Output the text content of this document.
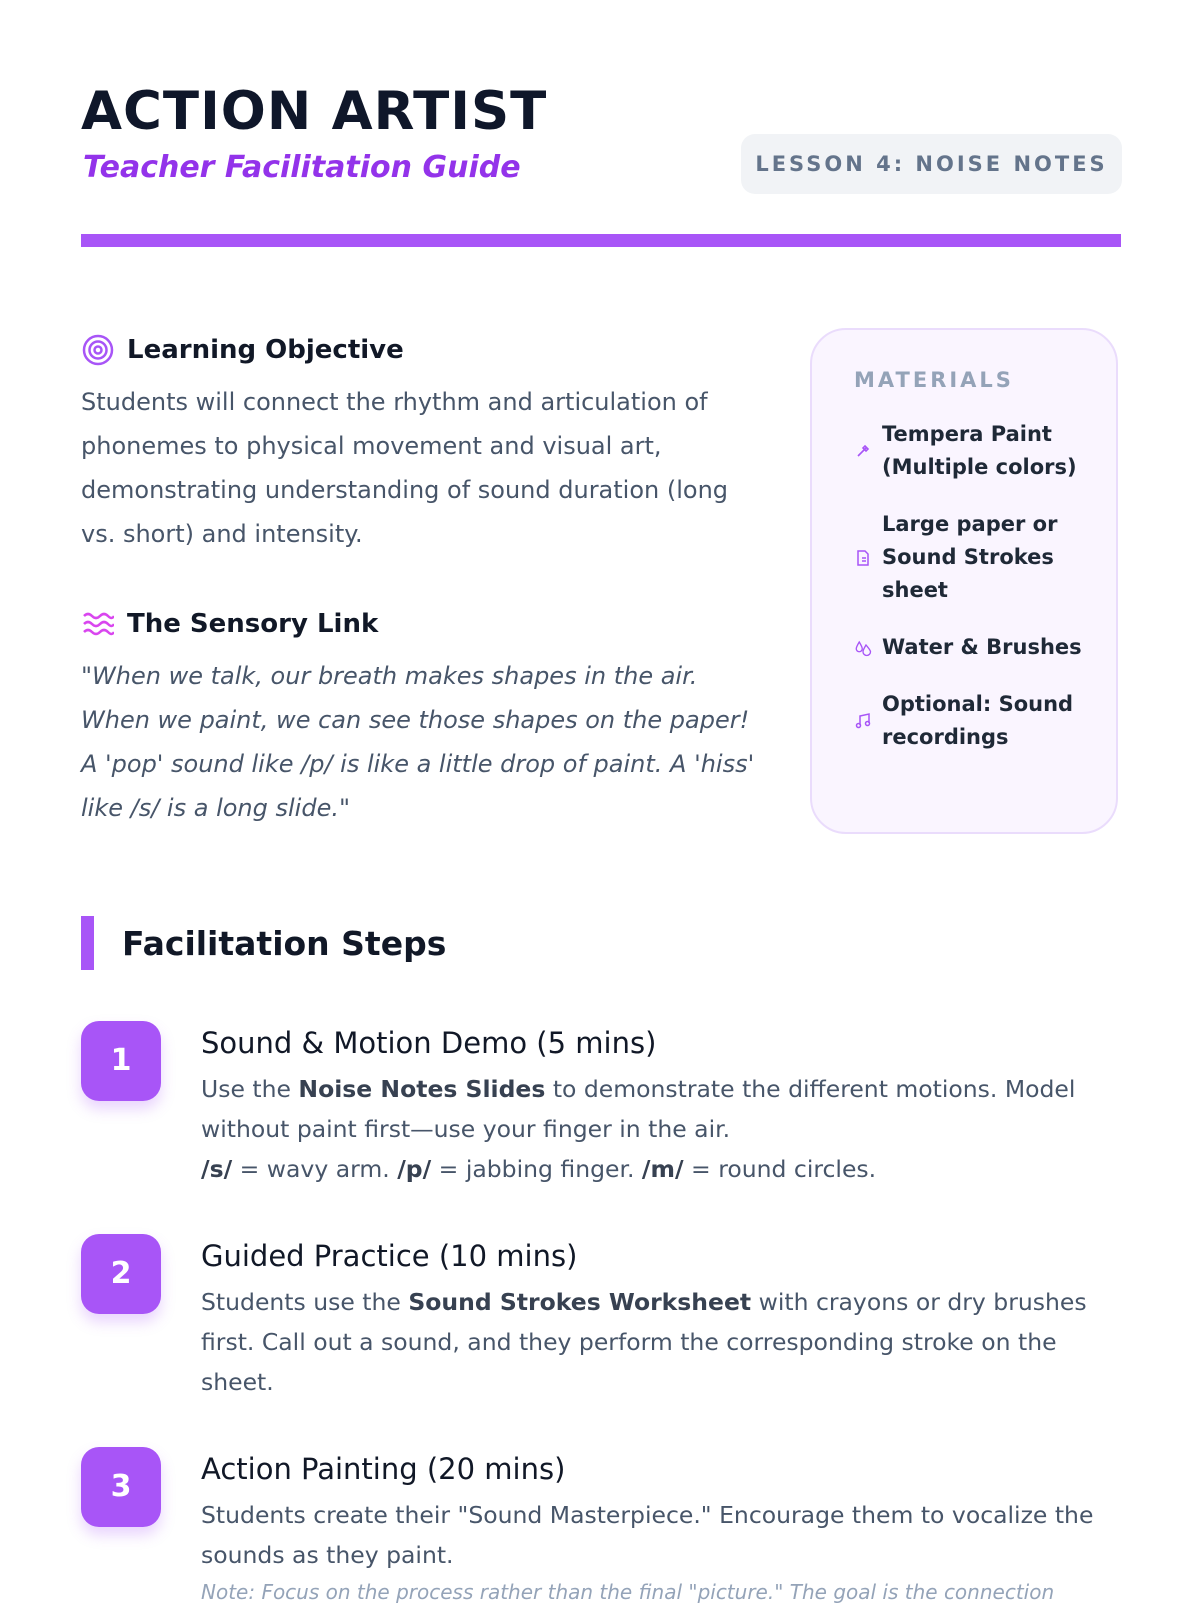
ACTION ARTIST
Teacher Facilitation Guide	LESSON 4: NOISE NOTES
Learning Objective
Students will connect the rhythm and articulation of phonemes to physical movement and visual art, demonstrating understanding of sound duration (long vs. short) and intensity.
The Sensory Link
"When we talk, our breath makes shapes in the air. When we paint, we can see those shapes on the paper! A 'pop' sound like /p/ is like a little drop of paint. A 'hiss' like /s/ is a long slide."
MATERIALS
Tempera Paint (Multiple colors)
Large paper or Sound Strokes sheet
Water & Brushes
Optional: Sound recordings
Facilitation Steps
1	Sound & Motion Demo (5 mins)
Use the Noise Notes Slides to demonstrate the different motions. Model without paint first—use your finger in the air.
/s/ = wavy arm. /p/ = jabbing finger. /m/ = round circles.
2	Guided Practice (10 mins)
Students use the Sound Strokes Worksheet with crayons or dry brushes first. Call out a sound, and they perform the corresponding stroke on the sheet.
3	Action Painting (20 mins)
Students create their "Sound Masterpiece." Encourage them to vocalize the sounds as they paint.
Note: Focus on the process rather than the final "picture." The goal is the connection
